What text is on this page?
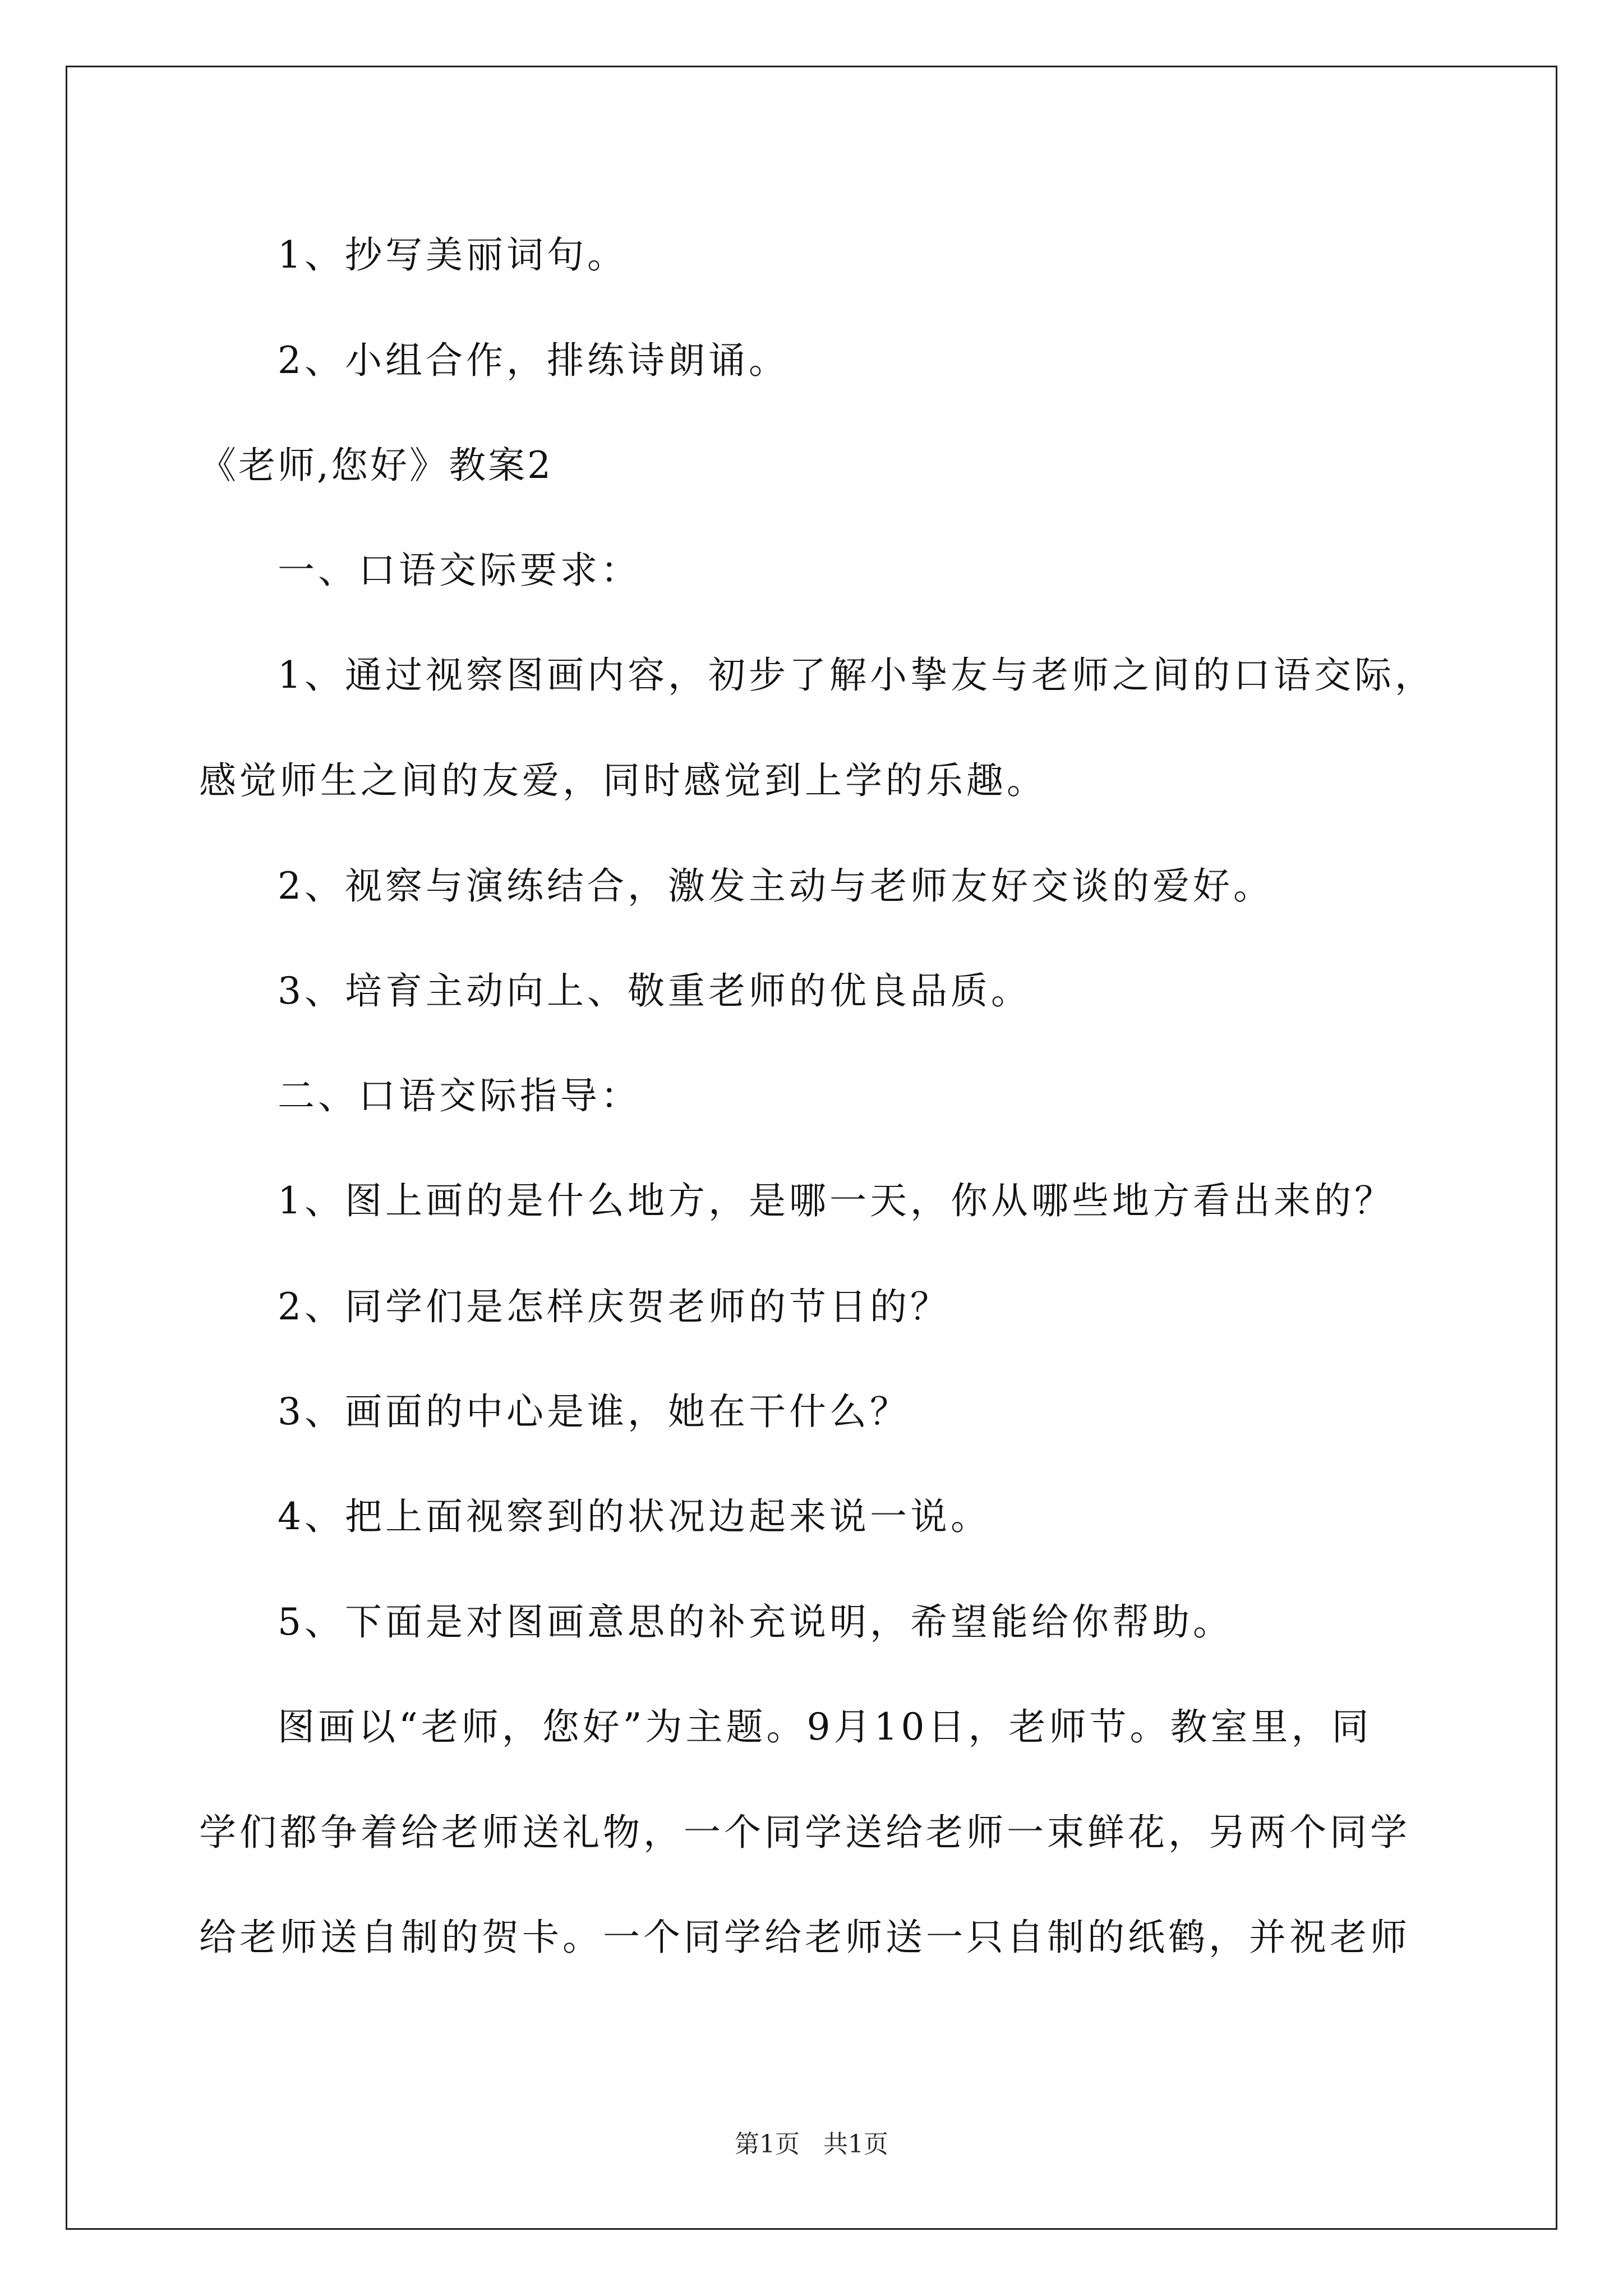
1、抄写美丽词句。
2、小组合作，排练诗朗诵。
《老师,您好》教案2
一、口语交际要求：
1、通过视察图画内容，初步了解小挚友与老师之间的口语交际，
感觉师生之间的友爱，同时感觉到上学的乐趣。
2、视察与演练结合，激发主动与老师友好交谈的爱好。
3、培育主动向上、敬重老师的优良品质。
二、口语交际指导：
1、图上画的是什么地方，是哪一天，你从哪些地方看出来的？
2、同学们是怎样庆贺老师的节日的？
3、画面的中心是谁，她在干什么？
4、把上面视察到的状况边起来说一说。
5、下面是对图画意思的补充说明，希望能给你帮助。
图画以“老师，您好”为主题。9月10日，老师节。教室里，同
学们都争着给老师送礼物，一个同学送给老师一束鲜花，另两个同学
给老师送自制的贺卡。一个同学给老师送一只自制的纸鹤，并祝老师
第1页   共1页
